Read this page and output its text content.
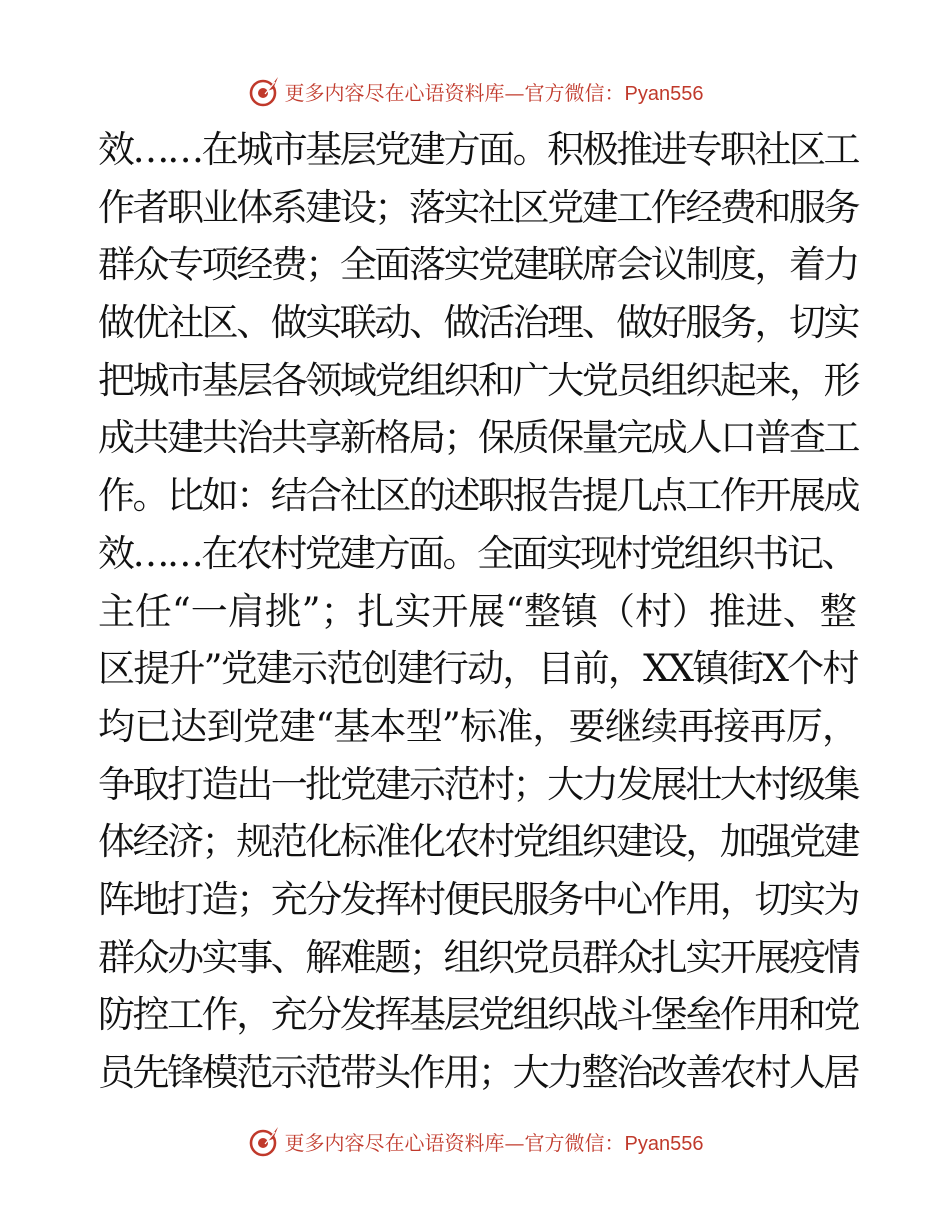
更多内容尽在心语资料库—官方微信：Pyan556
效……在城市基层党建方面。积极推进专职社区工
作者职业体系建设；落实社区党建工作经费和服务
群众专项经费；全面落实党建联席会议制度，着力
做优社区、做实联动、做活治理、做好服务，切实
把城市基层各领域党组织和广大党员组织起来，形
成共建共治共享新格局；保质保量完成人口普查工
作。比如：结合社区的述职报告提几点工作开展成
效……在农村党建方面。全面实现村党组织书记、
主任“一肩挑”；扎实开展“整镇（村）推进、整
区提升”党建示范创建行动，目前，XX镇街X个村
均已达到党建“基本型”标准，要继续再接再厉，
争取打造出一批党建示范村；大力发展壮大村级集
体经济；规范化标准化农村党组织建设，加强党建
阵地打造；充分发挥村便民服务中心作用，切实为
群众办实事、解难题；组织党员群众扎实开展疫情
防控工作，充分发挥基层党组织战斗堡垒作用和党
员先锋模范示范带头作用；大力整治改善农村人居
更多内容尽在心语资料库—官方微信：Pyan556
